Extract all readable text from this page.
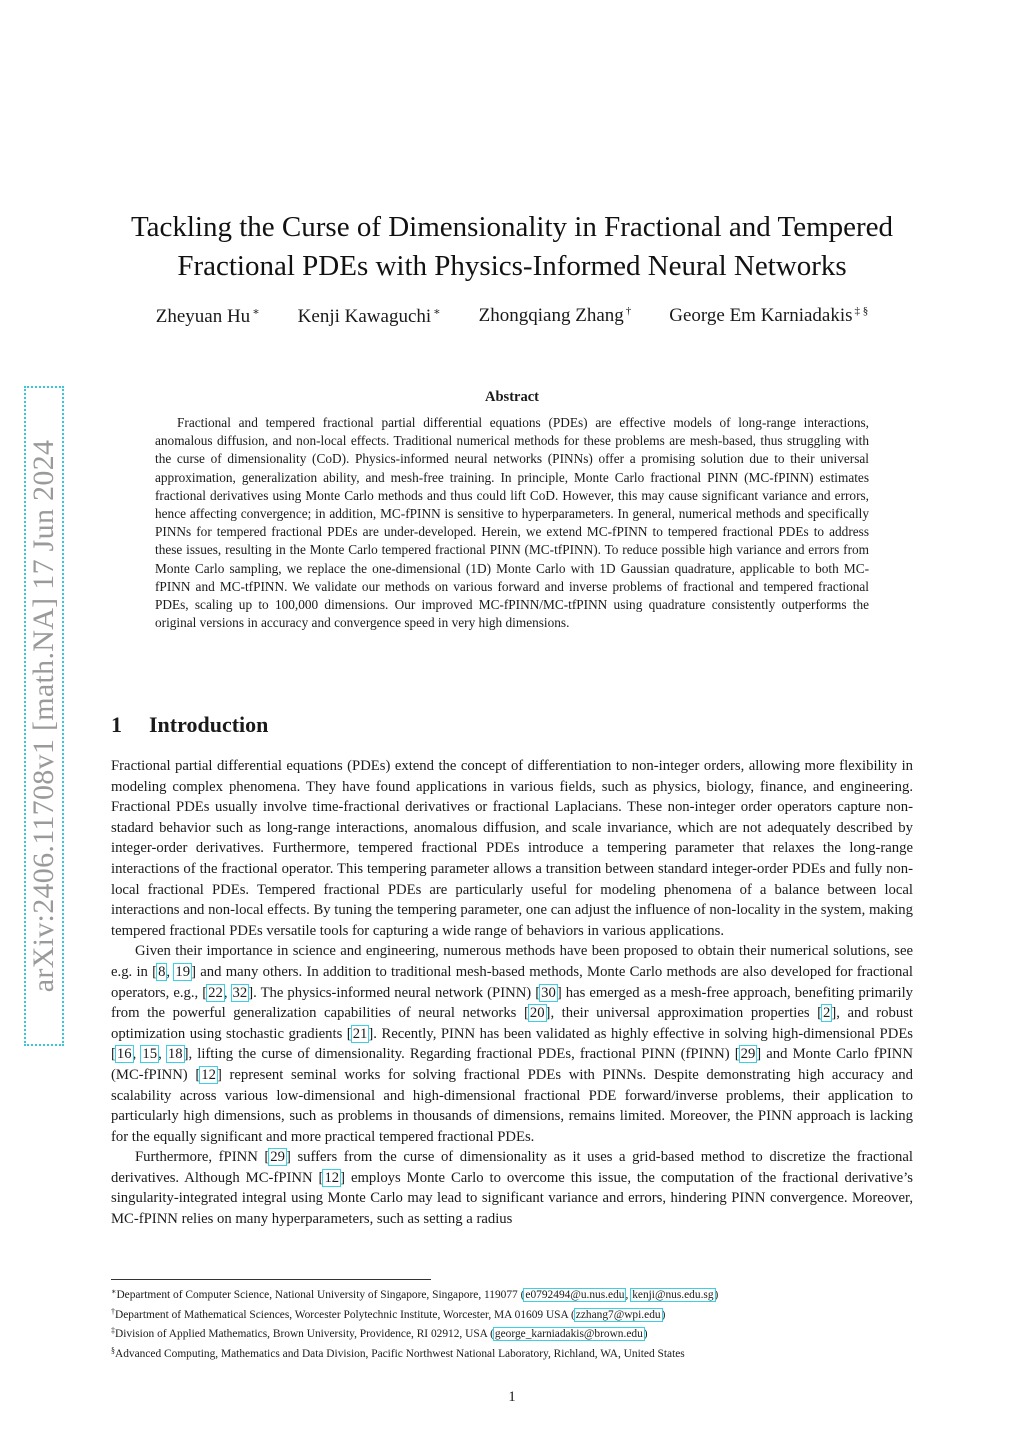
arXiv:2406.11708v1 [math.NA] 17 Jun 2024
Tackling the Curse of Dimensionality in Fractional and Tempered
Fractional PDEs with Physics-Informed Neural Networks
Zheyuan Hu ∗ Kenji Kawaguchi ∗ Zhongqiang Zhang † George Em Karniadakis ‡ §
Abstract

Fractional and tempered fractional partial differential equations (PDEs) are effective models of long-range interactions, anomalous diffusion, and non-local effects. Traditional numerical methods for these problems are mesh-based, thus struggling with the curse of dimensionality (CoD). Physics-informed neural networks (PINNs) offer a promising solution due to their universal approximation, generalization ability, and mesh-free training. In principle, Monte Carlo fractional PINN (MC-fPINN) estimates fractional derivatives using Monte Carlo methods and thus could lift CoD. However, this may cause significant variance and errors, hence affecting convergence; in addition, MC-fPINN is sensitive to hyperparameters. In general, numerical methods and specifically PINNs for tempered fractional PDEs are under-developed. Herein, we extend MC-fPINN to tempered fractional PDEs to address these issues, resulting in the Monte Carlo tempered fractional PINN (MC-tfPINN). To reduce possible high variance and errors from Monte Carlo sampling, we replace the one-dimensional (1D) Monte Carlo with 1D Gaussian quadrature, applicable to both MC-fPINN and MC-tfPINN. We validate our methods on various forward and inverse problems of fractional and tempered fractional PDEs, scaling up to 100,000 dimensions. Our improved MC-fPINN/MC-tfPINN using quadrature consistently outperforms the original versions in accuracy and convergence speed in very high dimensions.

1 Introduction

Fractional partial differential equations (PDEs) extend the concept of differentiation to non-integer orders, allowing more flexibility in modeling complex phenomena. They have found applications in various fields, such as physics, biology, finance, and engineering. Fractional PDEs usually involve time-fractional derivatives or fractional Laplacians. These non-integer order operators capture non-stadard behavior such as long-range interactions, anomalous diffusion, and scale invariance, which are not adequately described by integer-order derivatives. Furthermore, tempered fractional PDEs introduce a tempering parameter that relaxes the long-range interactions of the fractional operator. This tempering parameter allows a transition between standard integer-order PDEs and fully non-local fractional PDEs. Tempered fractional PDEs are particularly useful for modeling phenomena of a balance between local interactions and non-local effects. By tuning the tempering parameter, one can adjust the influence of non-locality in the system, making tempered fractional PDEs versatile tools for capturing a wide range of behaviors in various applications.

Given their importance in science and engineering, numerous methods have been proposed to obtain their numerical solutions, see e.g. in [8, 19] and many others. In addition to traditional mesh-based methods, Monte Carlo methods are also developed for fractional operators, e.g., [22, 32]. The physics-informed neural network (PINN) [30] has emerged as a mesh-free approach, benefiting primarily from the powerful generalization capabilities of neural networks [20], their universal approximation properties [2], and robust optimization using stochastic gradients [21]. Recently, PINN has been validated as highly effective in solving high-dimensional PDEs [16, 15, 18], lifting the curse of dimensionality. Regarding fractional PDEs, fractional PINN (fPINN) [29] and Monte Carlo fPINN (MC-fPINN) [12] represent seminal works for solving fractional PDEs with PINNs. Despite demonstrating high accuracy and scalability across various low-dimensional and high-dimensional fractional PDE forward/inverse problems, their application to particularly high dimensions, such as problems in thousands of dimensions, remains limited. Moreover, the PINN approach is lacking for the equally significant and more practical tempered fractional PDEs.

Furthermore, fPINN [29] suffers from the curse of dimensionality as it uses a grid-based method to discretize the fractional derivatives. Although MC-fPINN [12] employs Monte Carlo to overcome this issue, the computation of the fractional derivative’s singularity-integrated integral using Monte Carlo may lead to significant variance and errors, hindering PINN convergence. Moreover, MC-fPINN relies on many hyperparameters, such as setting a radius

∗Department of Computer Science, National University of Singapore, Singapore, 119077 (e0792494@u.nus.edu, kenji@nus.edu.sg)
†Department of Mathematical Sciences, Worcester Polytechnic Institute, Worcester, MA 01609 USA (zzhang7@wpi.edu)
‡Division of Applied Mathematics, Brown University, Providence, RI 02912, USA (george_karniadakis@brown.edu)
§Advanced Computing, Mathematics and Data Division, Pacific Northwest National Laboratory, Richland, WA, United States
1
